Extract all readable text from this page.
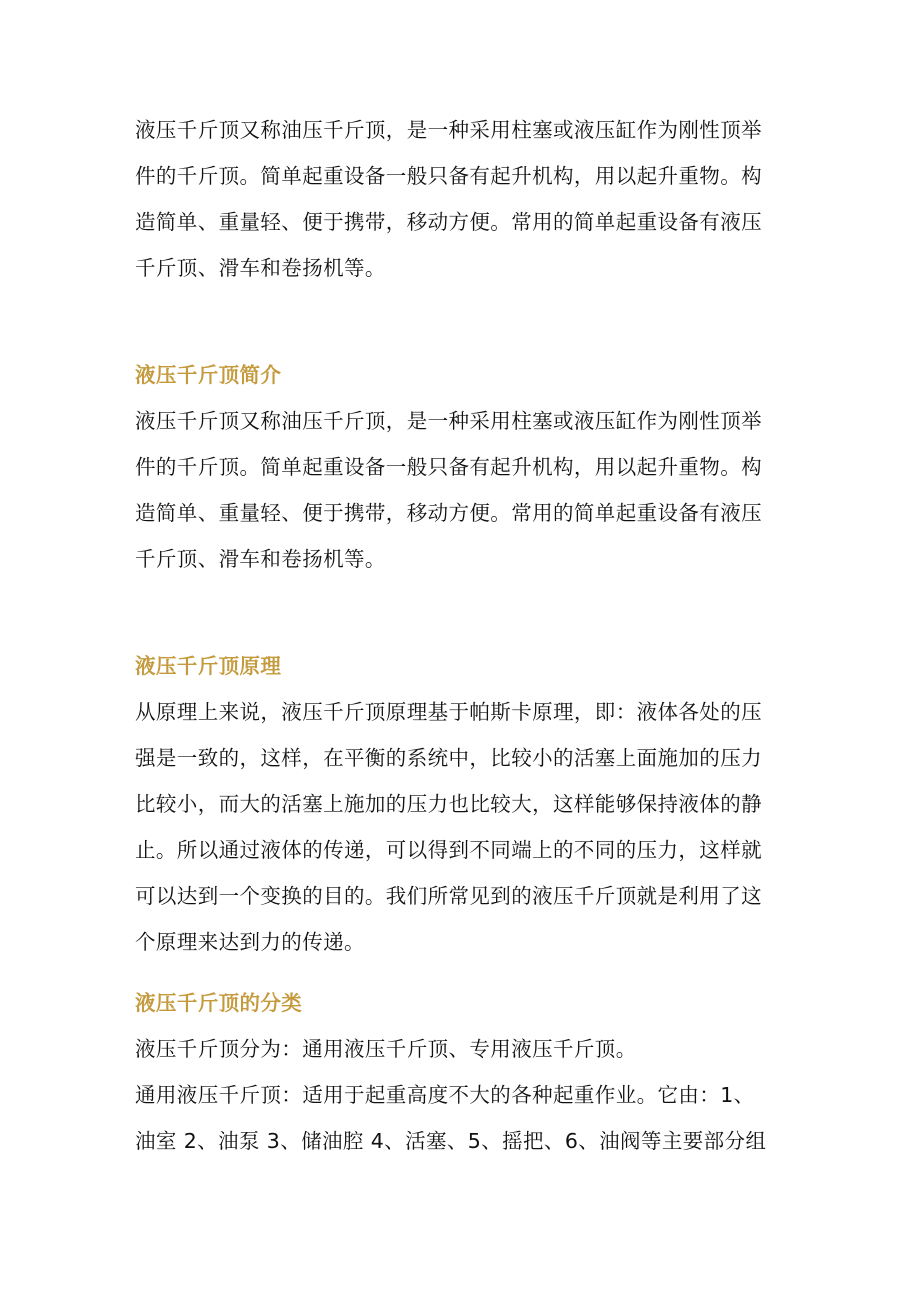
液压千斤顶又称油压千斤顶，是一种采用柱塞或液压缸作为刚性顶举
件的千斤顶。简单起重设备一般只备有起升机构，用以起升重物。构
造简单、重量轻、便于携带，移动方便。常用的简单起重设备有液压
千斤顶、滑车和卷扬机等。

液压千斤顶简介

液压千斤顶又称油压千斤顶，是一种采用柱塞或液压缸作为刚性顶举
件的千斤顶。简单起重设备一般只备有起升机构，用以起升重物。构
造简单、重量轻、便于携带，移动方便。常用的简单起重设备有液压
千斤顶、滑车和卷扬机等。

液压千斤顶原理

从原理上来说，液压千斤顶原理基于帕斯卡原理，即：液体各处的压
强是一致的，这样，在平衡的系统中，比较小的活塞上面施加的压力
比较小，而大的活塞上施加的压力也比较大，这样能够保持液体的静
止。所以通过液体的传递，可以得到不同端上的不同的压力，这样就
可以达到一个变换的目的。我们所常见到的液压千斤顶就是利用了这
个原理来达到力的传递。

液压千斤顶的分类

液压千斤顶分为：通用液压千斤顶、专用液压千斤顶。

通用液压千斤顶：适用于起重高度不大的各种起重作业。它由：1、
油室 2、油泵 3、储油腔 4、活塞、5、摇把、6、油阀等主要部分组
